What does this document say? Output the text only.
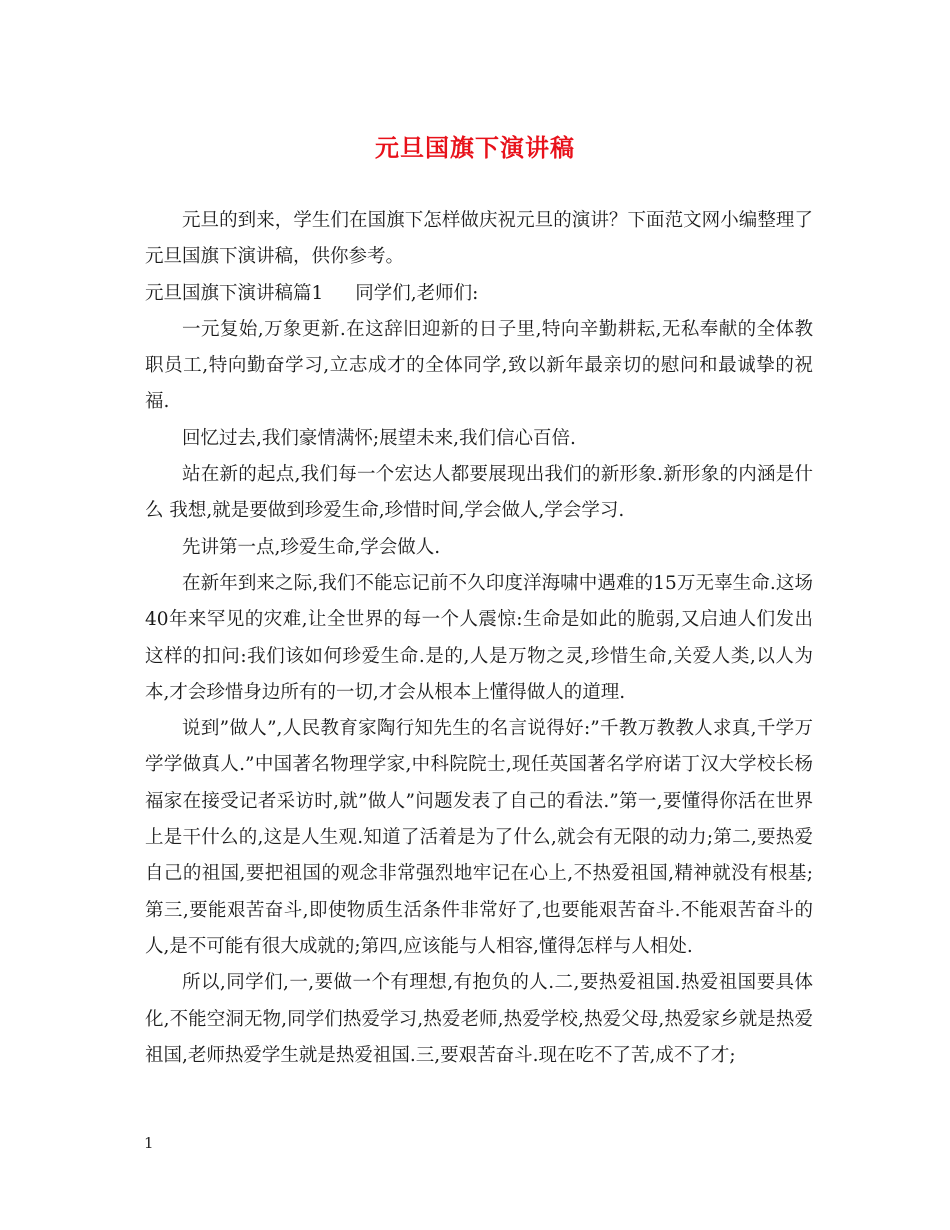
元旦国旗下演讲稿

元旦的到来，学生们在国旗下怎样做庆祝元旦的演讲？下面范文网小编整理了元旦国旗下演讲稿，供你参考。

元旦国旗下演讲稿篇1 同学们,老师们:

一元复始,万象更新.在这辞旧迎新的日子里,特向辛勤耕耘,无私奉献的全体教职员工,特向勤奋学习,立志成才的全体同学,致以新年最亲切的慰问和最诚挚的祝福.

回忆过去,我们豪情满怀;展望未来,我们信心百倍.

站在新的起点,我们每一个宏达人都要展现出我们的新形象.新形象的内涵是什么 我想,就是要做到珍爱生命,珍惜时间,学会做人,学会学习.

先讲第一点,珍爱生命,学会做人.

在新年到来之际,我们不能忘记前不久印度洋海啸中遇难的15万无辜生命.这场40年来罕见的灾难,让全世界的每一个人震惊:生命是如此的脆弱,又启迪人们发出这样的扣问:我们该如何珍爱生命.是的,人是万物之灵,珍惜生命,关爱人类,以人为本,才会珍惜身边所有的一切,才会从根本上懂得做人的道理.

说到”做人”,人民教育家陶行知先生的名言说得好:”千教万教教人求真,千学万学学做真人.”中国著名物理学家,中科院院士,现任英国著名学府诺丁汉大学校长杨福家在接受记者采访时,就”做人”问题发表了自己的看法.”第一,要懂得你活在世界上是干什么的,这是人生观.知道了活着是为了什么,就会有无限的动力;第二,要热爱自己的祖国,要把祖国的观念非常强烈地牢记在心上,不热爱祖国,精神就没有根基;第三,要能艰苦奋斗,即使物质生活条件非常好了,也要能艰苦奋斗.不能艰苦奋斗的人,是不可能有很大成就的;第四,应该能与人相容,懂得怎样与人相处.

所以,同学们,一,要做一个有理想,有抱负的人.二,要热爱祖国.热爱祖国要具体化,不能空洞无物,同学们热爱学习,热爱老师,热爱学校,热爱父母,热爱家乡就是热爱祖国,老师热爱学生就是热爱祖国.三,要艰苦奋斗.现在吃不了苦,成不了才;

1
